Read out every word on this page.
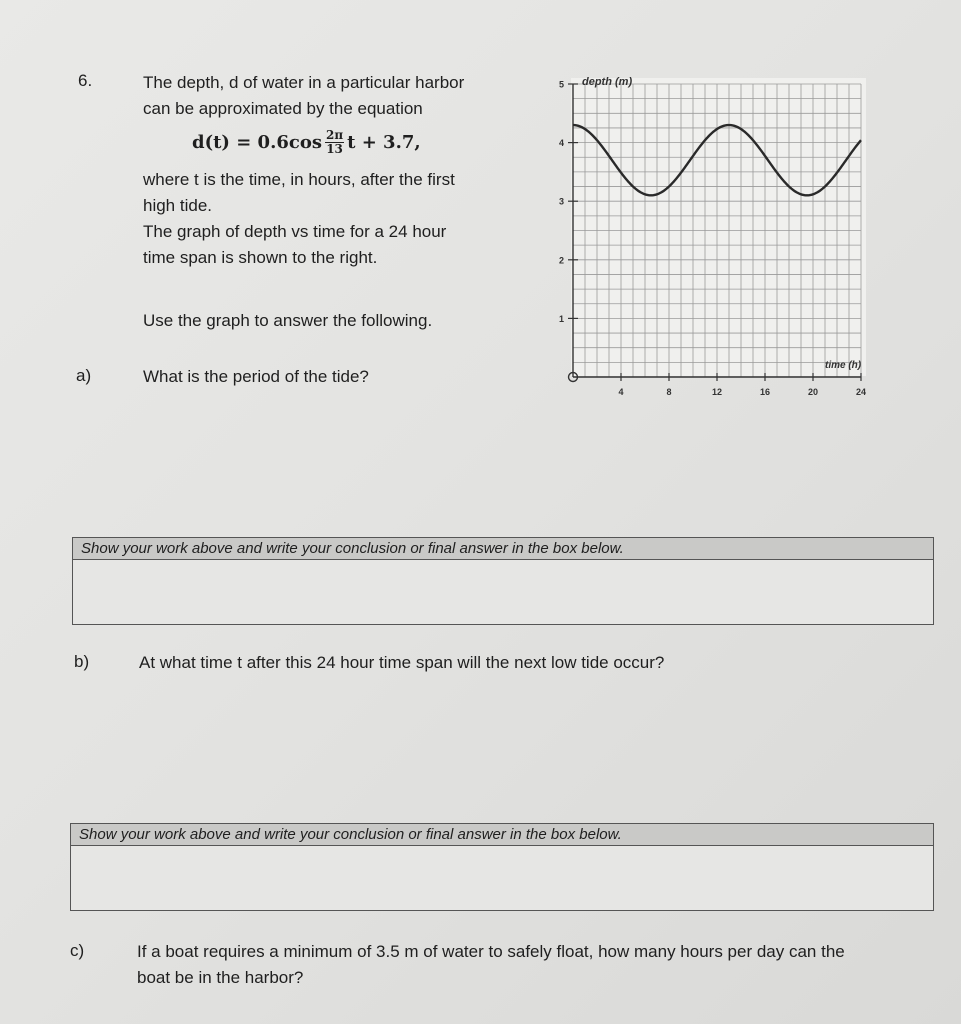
6.	The depth, d of water in a particular harbor
can be approximated by the equation
$d(t) = 0.6\cos \frac{2\pi}{13}$ t + 3.7,
where t is the time, in hours, after the first
high tide.
The graph of depth vs time for a 24 hour
time span is shown to the right.
Use the graph to answer the following.
a)	What is the period of the tide?
1
2
3
4
5
4	8	12	16	20	24
depth (m)
time (h)
Show your work above and write your conclusion or final answer in the box below.
b)	At what time t after this 24 hour time span will the next low tide occur?
Show your work above and write your conclusion or final answer in the box below.
c)	If a boat requires a minimum of 3.5 m of water to safely float, how many hours per day can the
boat be in the harbor?
